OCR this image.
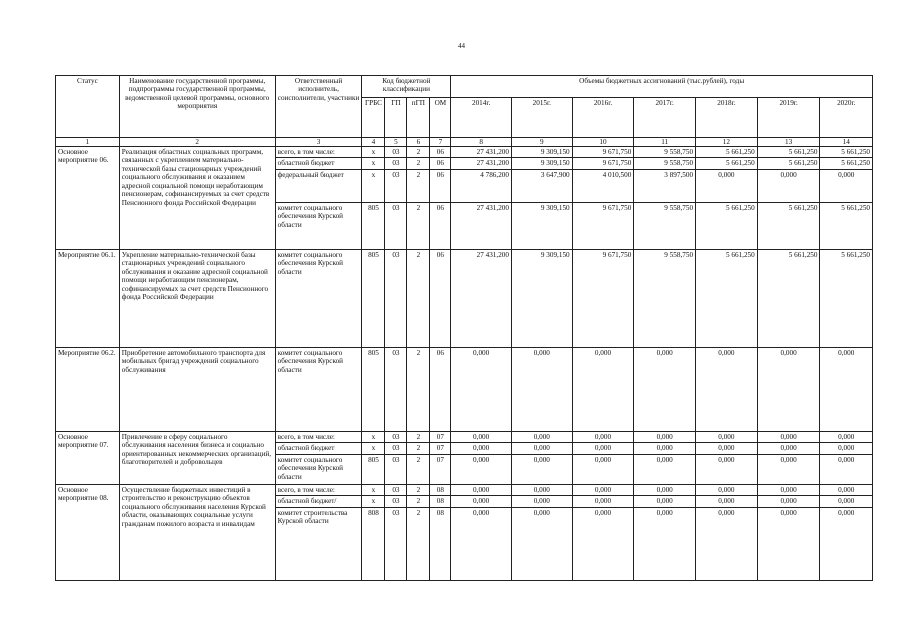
44
Статус	Наименование государственной программы, подпрограммы государственной программы, ведомственной целевой программы, основного мероприятия	Ответственный исполнитель, соисполнители, участники	Код бюджетной классификации				Объемы бюджетных ассигнований (тыс.рублей), годы						
			ГРБС	ГП	пГП	ОМ	2014г.	2015г.	2016г.	2017г.	2018г.	2019г.	2020г.
1	2	3	4	5	6	7	8	9	10	11	12	13	14
Основное мероприятие 06.	Реализация областных социальных программ, связанных с укреплением материально-технической базы стационарных учреждений социального обслуживания и оказанием адресной социальной помощи неработающим пенсионерам, софинансируемых за счет средств Пенсионного фонда Российской Федерации	всего, в том числе:	х	03	2	06	27 431,200	9 309,150	9 671,750	9 558,750	5 661,250	5 661,250	5 661,250
		областной бюджет	х	03	2	06	27 431,200	9 309,150	9 671,750	9 558,750	5 661,250	5 661,250	5 661,250
		федеральный бюджет	х	03	2	06	4 786,200	3 647,900	4 010,500	3 897,500	0,000	0,000	0,000
		комитет социального обеспечения Курской области	805	03	2	06	27 431,200	9 309,150	9 671,750	9 558,750	5 661,250	5 661,250	5 661,250
Мероприятие 06.1.	Укрепление материально-технической базы стационарных учреждений социального обслуживания и оказание адресной социальной помощи неработающим пенсионерам, софинансируемых за счет средств Пенсионного фонда Российской Федерации	комитет социального обеспечения Курской области	805	03	2	06	27 431,200	9 309,150	9 671,750	9 558,750	5 661,250	5 661,250	5 661,250
Мероприятие 06.2.	Приобретение автомобильного транспорта для мобильных бригад учреждений социального обслуживания	комитет социального обеспечения Курской области	805	03	2	06	0,000	0,000	0,000	0,000	0,000	0,000	0,000
Основное мероприятие 07.	Привлечение в сферу социального обслуживания населения бизнеса и социально ориентированных некоммерческих организаций, благотворителей и добровольцев	всего, в том числе:	х	03	2	07	0,000	0,000	0,000	0,000	0,000	0,000	0,000
		областной бюджет	х	03	2	07	0,000	0,000	0,000	0,000	0,000	0,000	0,000
		комитет социального обеспечения Курской области	805	03	2	07	0,000	0,000	0,000	0,000	0,000	0,000	0,000
Основное мероприятие 08.	Осуществление бюджетных инвестиций в строительство и реконструкцию объектов социального обслуживания населения Курской области, оказывающих социальные услуги гражданам пожилого возраста и инвалидам	всего, в том числе:	х	03	2	08	0,000	0,000	0,000	0,000	0,000	0,000	0,000
		областной бюджет/	х	03	2	08	0,000	0,000	0,000	0,000	0,000	0,000	0,000
		комитет строительства Курской области	808	03	2	08	0,000	0,000	0,000	0,000	0,000	0,000	0,000
